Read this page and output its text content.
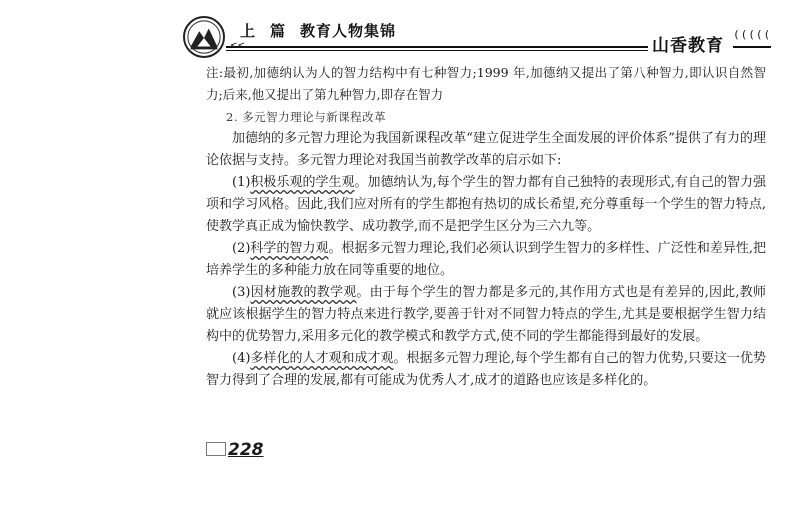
上 篇 教育人物集锦
山香教育
(((((

注:最初,加德纳认为人的智力结构中有七种智力;1999 年,加德纳又提出了第八种智力,即认识自然智力;后来,他又提出了第九种智力,即存在智力

2. 多元智力理论与新课程改革

加德纳的多元智力理论为我国新课程改革“建立促进学生全面发展的评价体系”提供了有力的理论依据与支持。多元智力理论对我国当前教学改革的启示如下:

(1)积极乐观的学生观。加德纳认为,每个学生的智力都有自己独特的表现形式,有自己的智力强项和学习风格。因此,我们应对所有的学生都抱有热切的成长希望,充分尊重每一个学生的智力特点,使教学真正成为愉快教学、成功教学,而不是把学生区分为三六九等。

(2)科学的智力观。根据多元智力理论,我们必须认识到学生智力的多样性、广泛性和差异性,把培养学生的多种能力放在同等重要的地位。

(3)因材施教的教学观。由于每个学生的智力都是多元的,其作用方式也是有差异的,因此,教师就应该根据学生的智力特点来进行教学,要善于针对不同智力特点的学生,尤其是要根据学生智力结构中的优势智力,采用多元化的教学模式和教学方式,使不同的学生都能得到最好的发展。

(4)多样化的人才观和成才观。根据多元智力理论,每个学生都有自己的智力优势,只要这一优势智力得到了合理的发展,都有可能成为优秀人才,成才的道路也应该是多样化的。

228
